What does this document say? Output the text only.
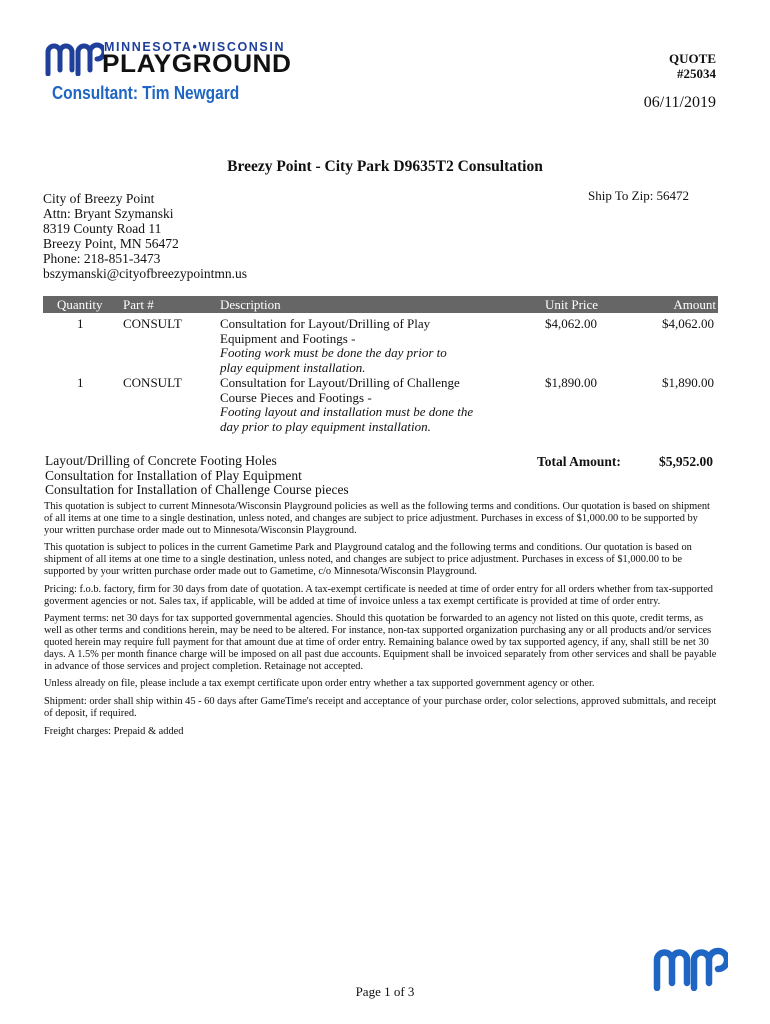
MINNESOTA•WISCONSIN
PLAYGROUND
Consultant: Tim Newgard
QUOTE
#25034
06/11/2019
Breezy Point - City Park D9635T2 Consultation
City of Breezy Point
Attn: Bryant Szymanski
8319 County Road 11
Breezy Point, MN 56472
Phone: 218-851-3473
bszymanski@cityofbreezypointmn.us
Ship To Zip: 56472
Quantity Part #	Description	Unit Price	Amount
1	CONSULT	Consultation for Layout/Drilling of Play Equipment and Footings -
Footing work must be done the day prior to play equipment installation.
$4,062.00	$4,062.00
1	CONSULT	Consultation for Layout/Drilling of Challenge Course Pieces and Footings -
Footing layout and installation must be done the day prior to play equipment installation.
$1,890.00	$1,890.00
Layout/Drilling of Concrete Footing Holes
Consultation for Installation of Play Equipment
Consultation for Installation of Challenge Course pieces
Total Amount:	$5,952.00

This quotation is subject to current Minnesota/Wisconsin Playground policies as well as the following terms and conditions. Our quotation is based on shipment of all items at one time to a single destination, unless noted, and changes are subject to price adjustment. Purchases in excess of $1,000.00 to be supported by your written purchase order made out to Minnesota/Wisconsin Playground.

This quotation is subject to polices in the current Gametime Park and Playground catalog and the following terms and conditions. Our quotation is based on shipment of all items at one time to a single destination, unless noted, and changes are subject to price adjustment. Purchases in excess of $1,000.00 to be supported by your written purchase order made out to Gametime, c/o Minnesota/Wisconsin Playground.

Pricing: f.o.b. factory, firm for 30 days from date of quotation. A tax-exempt certificate is needed at time of order entry for all orders whether from tax-supported goverment agencies or not. Sales tax, if applicable, will be added at time of invoice unless a tax exempt certificate is provided at time of order entry.

Payment terms: net 30 days for tax supported governmental agencies. Should this quotation be forwarded to an agency not listed on this quote, credit terms, as well as other terms and conditions herein, may be need to be altered. For instance, non-tax supported organization purchasing any or all products and/or services quoted herein may require full payment for that amount due at time of order entry. Remaining balance owed by tax supported agency, if any, shall still be net 30 days. A 1.5% per month finance charge will be imposed on all past due accounts. Equipment shall be invoiced separately from other services and shall be payable in advance of those services and project completion. Retainage not accepted.

Unless already on file, please include a tax exempt certificate upon order entry whether a tax supported government agency or other.

Shipment: order shall ship within 45 - 60 days after GameTime's receipt and acceptance of your purchase order, color selections, approved submittals, and receipt of deposit, if required.

Freight charges: Prepaid & added

Page 1 of 3
